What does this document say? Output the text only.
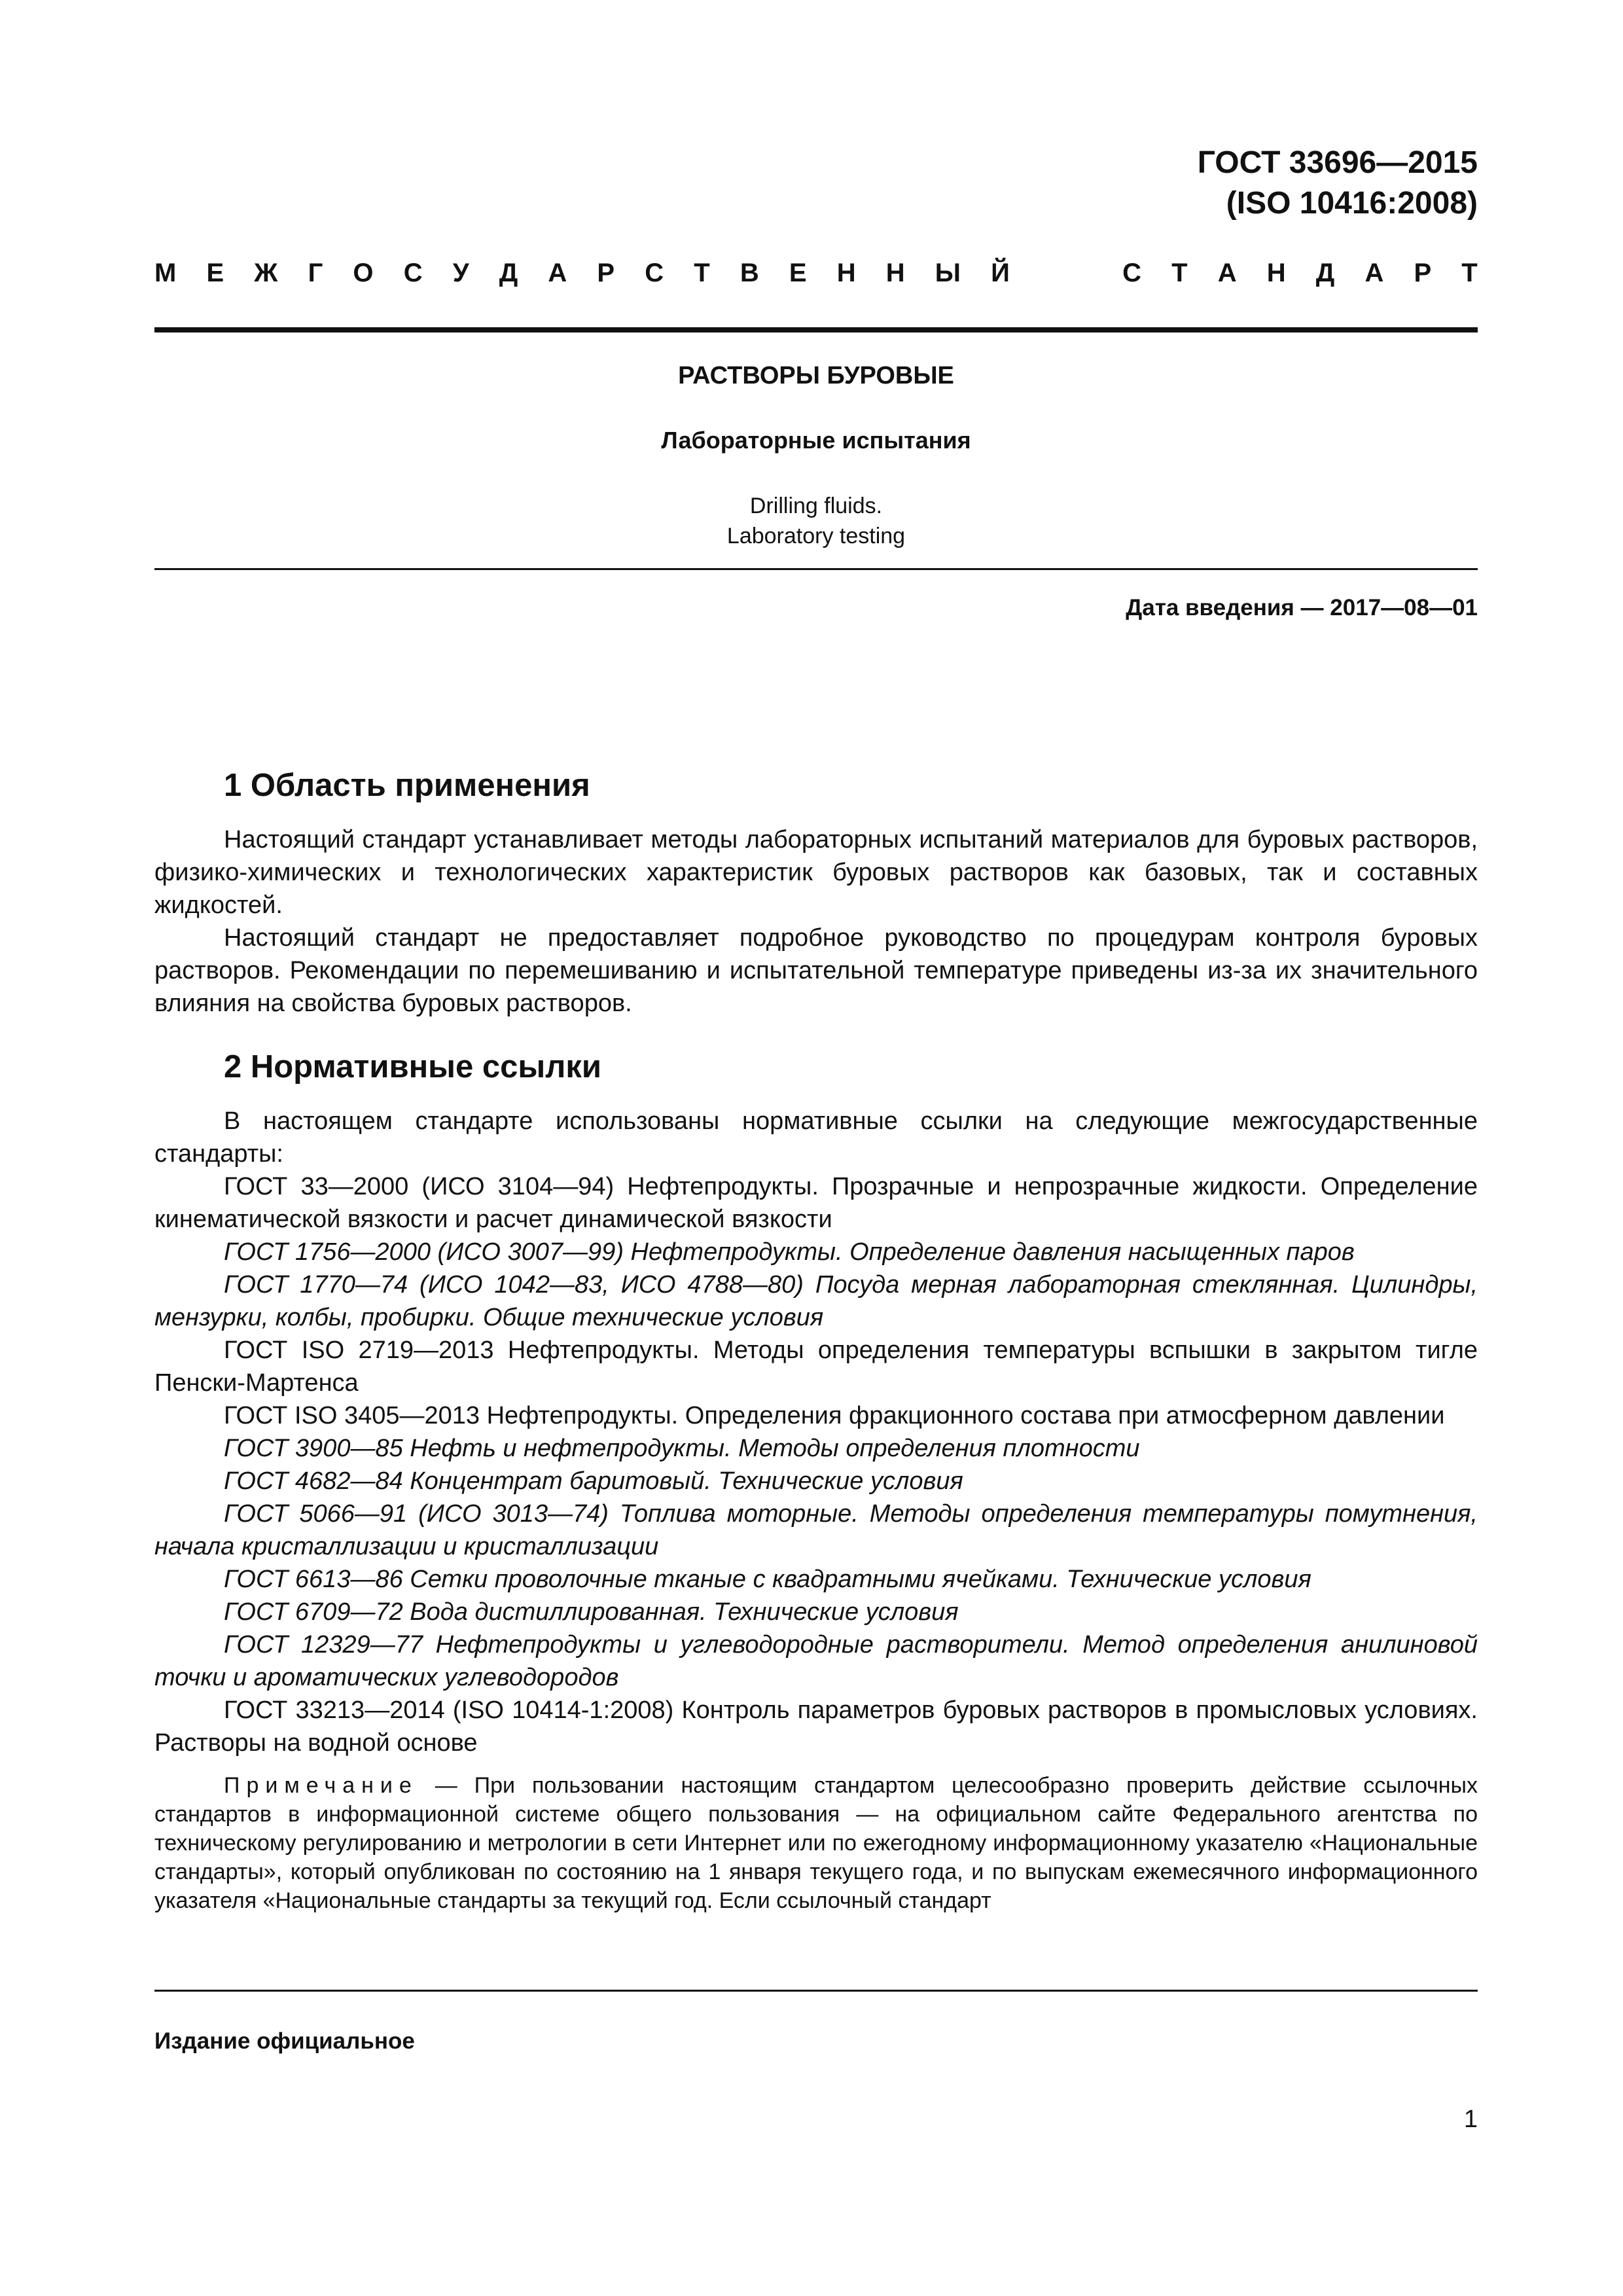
ГОСТ 33696—2015
(ISO 10416:2008)
М Е Ж Г О С У Д А Р С Т В Е Н Н Ы Й	С Т А Н Д А Р Т
РАСТВОРЫ БУРОВЫЕ
Лабораторные испытания
Drilling fluids.
Laboratory testing
Дата введения — 2017—08—01
1 Область применения

Настоящий стандарт устанавливает методы лабораторных испытаний материалов для буровых растворов, физико-химических и технологических характеристик буровых растворов как базовых, так и составных жидкостей.

Настоящий стандарт не предоставляет подробное руководство по процедурам контроля буровых растворов. Рекомендации по перемешиванию и испытательной температуре приведены из-за их значительного влияния на свойства буровых растворов.

2 Нормативные ссылки

В настоящем стандарте использованы нормативные ссылки на следующие межгосударственные стандарты:

ГОСТ 33—2000 (ИСО 3104—94) Нефтепродукты. Прозрачные и непрозрачные жидкости. Определение кинематической вязкости и расчет динамической вязкости

ГОСТ 1756—2000 (ИСО 3007—99) Нефтепродукты. Определение давления насыщенных паров

ГОСТ 1770—74 (ИСО 1042—83, ИСО 4788—80) Посуда мерная лабораторная стеклянная. Цилиндры, мензурки, колбы, пробирки. Общие технические условия

ГОСТ ISO 2719—2013 Нефтепродукты. Методы определения температуры вспышки в закрытом тигле Пенски-Мартенса

ГОСТ ISO 3405—2013 Нефтепродукты. Определения фракционного состава при атмосферном давлении

ГОСТ 3900—85 Нефть и нефтепродукты. Методы определения плотности

ГОСТ 4682—84 Концентрат баритовый. Технические условия

ГОСТ 5066—91 (ИСО 3013—74) Топлива моторные. Методы определения температуры помутнения, начала кристаллизации и кристаллизации

ГОСТ 6613—86 Сетки проволочные тканые с квадратными ячейками. Технические условия

ГОСТ 6709—72 Вода дистиллированная. Технические условия

ГОСТ 12329—77 Нефтепродукты и углеводородные растворители. Метод определения анилиновой точки и ароматических углеводородов

ГОСТ 33213—2014 (ISO 10414-1:2008) Контроль параметров буровых растворов в промысловых условиях. Растворы на водной основе

Примечание — При пользовании настоящим стандартом целесообразно проверить действие ссылочных стандартов в информационной системе общего пользования — на официальном сайте Федерального агентства по техническому регулированию и метрологии в сети Интернет или по ежегодному информационному указателю «Национальные стандарты», который опубликован по состоянию на 1 января текущего года, и по выпускам ежемесячного информационного указателя «Национальные стандарты за текущий год. Если ссылочный стандарт
Издание официальное
1
